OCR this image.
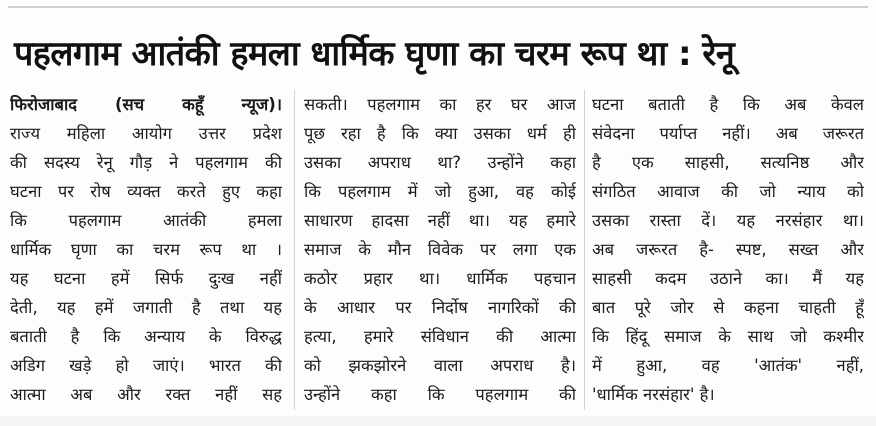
पहलगाम आतंकी हमला धार्मिक घृणा का चरम रूप था : रेनू
फिरोजाबाद (सच कहूँ न्यूज)।
राज्य महिला आयोग उत्तर प्रदेश
की सदस्य रेनू गौड़ ने पहलगाम की
घटना पर रोष व्यक्त करते हुए कहा
कि पहलगाम आतंकी हमला
धार्मिक घृणा का चरम रूप था ।
यह घटना हमें सिर्फ दुःख नहीं
देती, यह हमें जगाती है तथा यह
बताती है कि अन्याय के विरुद्ध
अडिग खड़े हो जाएं। भारत की
आत्मा अब और रक्त नहीं सह
सकती। पहलगाम का हर घर आज
पूछ रहा है कि क्या उसका धर्म ही
उसका अपराध था? उन्होंने कहा
कि पहलगाम में जो हुआ, वह कोई
साधारण हादसा नहीं था। यह हमारे
समाज के मौन विवेक पर लगा एक
कठोर प्रहार था। धार्मिक पहचान
के आधार पर निर्दोष नागरिकों की
हत्या, हमारे संविधान की आत्मा
को झकझोरने वाला अपराध है।
उन्होंने कहा कि पहलगाम की
घटना बताती है कि अब केवल
संवेदना पर्याप्त नहीं। अब जरूरत
है एक साहसी, सत्यनिष्ठ और
संगठित आवाज की जो न्याय को
उसका रास्ता दें। यह नरसंहार था।
अब जरूरत है- स्पष्ट, सख्त और
साहसी कदम उठाने का। मैं यह
बात पूरे जोर से कहना चाहती हूँ
कि हिंदू समाज के साथ जो कश्मीर
में हुआ, वह 'आतंक' नहीं,
'धार्मिक नरसंहार' है।
